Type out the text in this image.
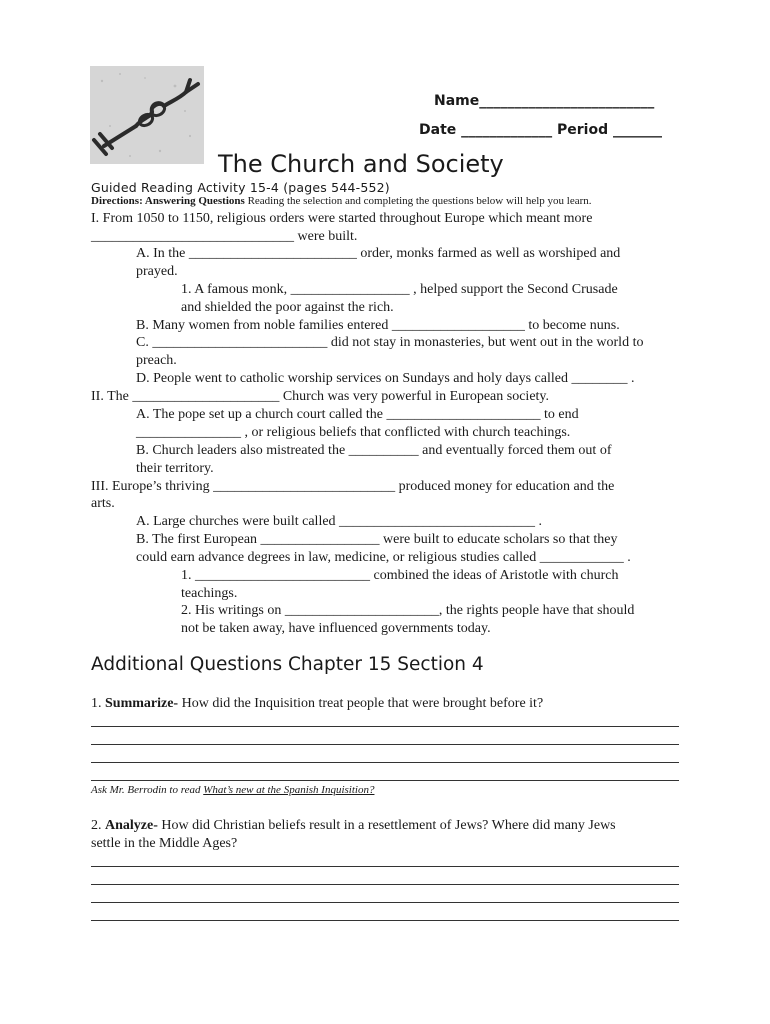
Name_________________________
Date _____________ Period _______
The Church and Society
Guided Reading Activity 15-4 (pages 544-552)
Directions: Answering Questions Reading the selection and completing the questions below will help you learn.
I. From 1050 to 1150, religious orders were started throughout Europe which meant more
_____________________________ were built.
A. In the ________________________ order, monks farmed as well as worshiped and
prayed.
1. A famous monk, _________________ , helped support the Second Crusade
and shielded the poor against the rich.
B. Many women from noble families entered ___________________ to become nuns.
C. _________________________ did not stay in monasteries, but went out in the world to
preach.
D. People went to catholic worship services on Sundays and holy days called ________ .
II. The _____________________ Church was very powerful in European society.
A. The pope set up a church court called the ______________________ to end
_______________ , or religious beliefs that conflicted with church teachings.
B. Church leaders also mistreated the __________ and eventually forced them out of
their territory.
III. Europe’s thriving __________________________ produced money for education and the
arts.
A. Large churches were built called ____________________________ .
B. The first European _________________ were built to educate scholars so that they
could earn advance degrees in law, medicine, or religious studies called ____________ .
1. _________________________ combined the ideas of Aristotle with church
teachings.
2. His writings on ______________________, the rights people have that should
not be taken away, have influenced governments today.
Additional Questions Chapter 15 Section 4
1. Summarize- How did the Inquisition treat people that were brought before it?
Ask Mr. Berrodin to read What’s new at the Spanish Inquisition?
2. Analyze- How did Christian beliefs result in a resettlement of Jews? Where did many Jews
settle in the Middle Ages?
